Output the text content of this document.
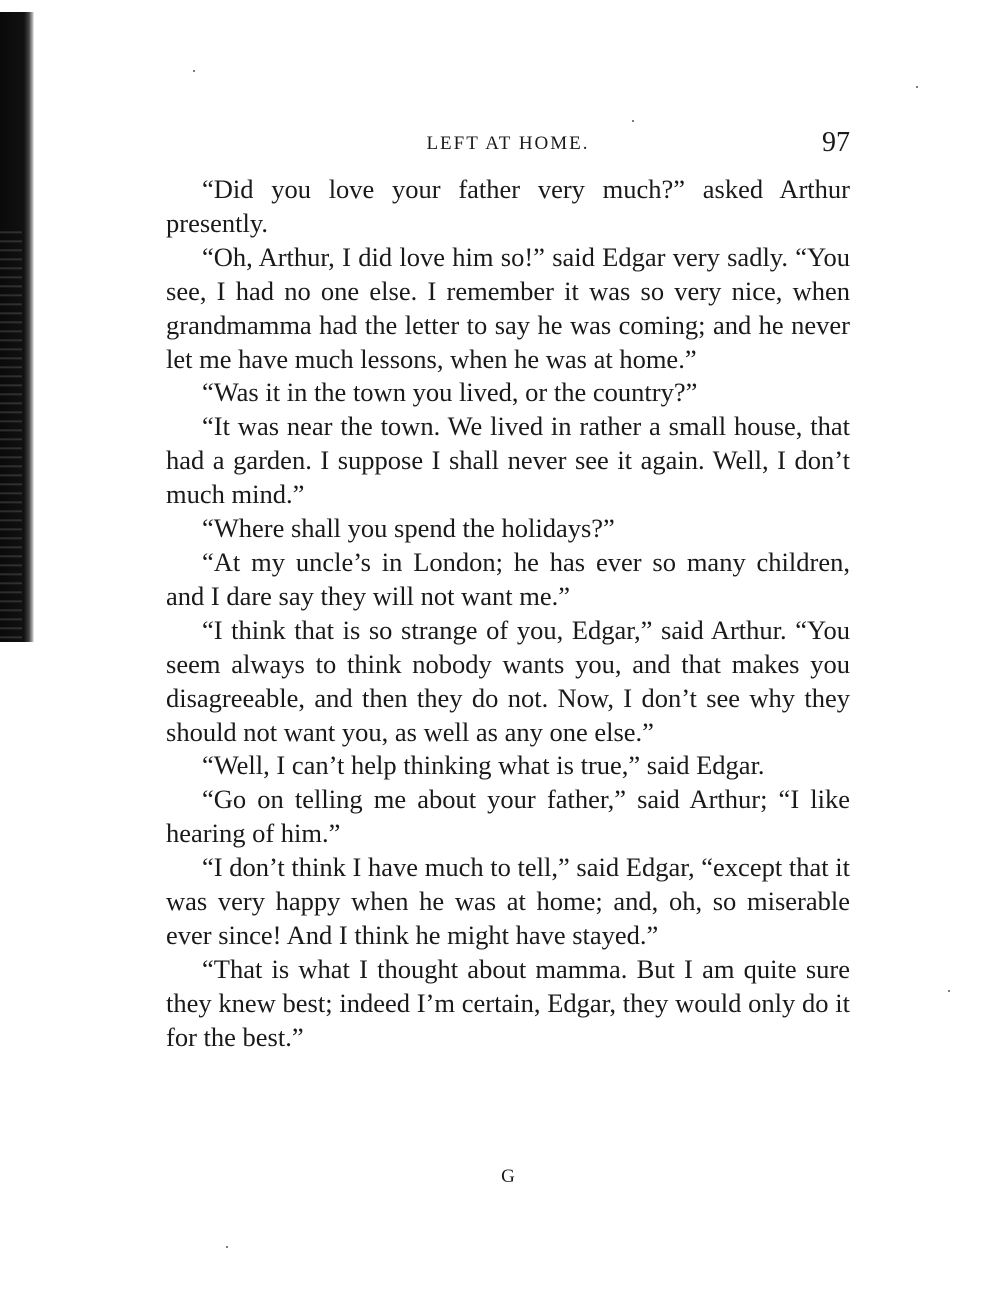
LEFT AT HOME.	97

“Did you love your father very much?” asked Arthur presently.

“Oh, Arthur, I did love him so!” said Edgar very sadly. “You see, I had no one else. I remember it was so very nice, when grandmamma had the letter to say he was coming; and he never let me have much lessons, when he was at home.”

“Was it in the town you lived, or the country?”

“It was near the town. We lived in rather a small house, that had a garden. I suppose I shall never see it again. Well, I don’t much mind.”

“Where shall you spend the holidays?”

“At my uncle’s in London; he has ever so many children, and I dare say they will not want me.”

“I think that is so strange of you, Edgar,” said Arthur. “You seem always to think nobody wants you, and that makes you disagreeable, and then they do not. Now, I don’t see why they should not want you, as well as any one else.”

“Well, I can’t help thinking what is true,” said Edgar.

“Go on telling me about your father,” said Arthur; “I like hearing of him.”

“I don’t think I have much to tell,” said Edgar, “except that it was very happy when he was at home; and, oh, so miserable ever since! And I think he might have stayed.”

“That is what I thought about mamma. But I am quite sure they knew best; indeed I’m certain, Edgar, they would only do it for the best.”

G
